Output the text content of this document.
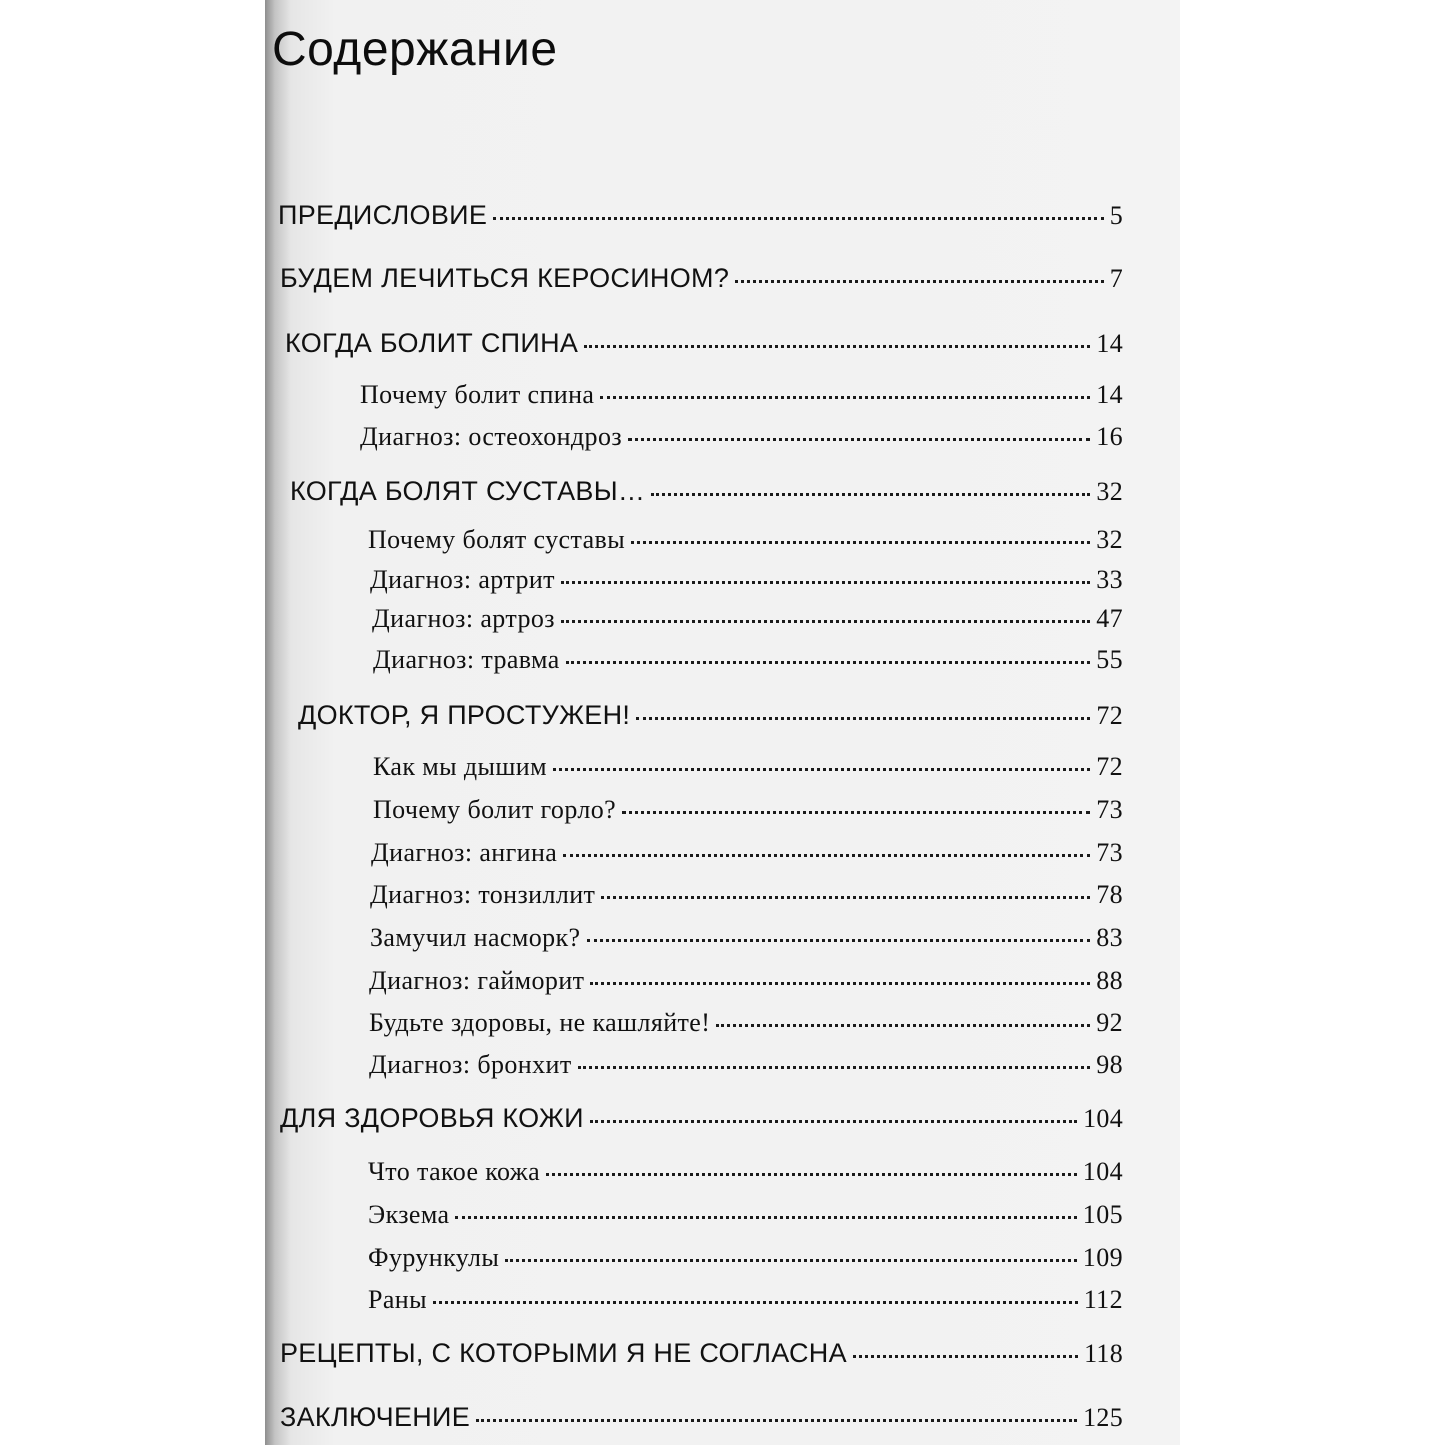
Содержание
ПРЕДИСЛОВИЕ	5
БУДЕМ ЛЕЧИТЬСЯ КЕРОСИНОМ?	7
КОГДА БОЛИТ СПИНА	14
Почему болит спина	14
Диагноз: остеохондроз	16
КОГДА БОЛЯТ СУСТАВЫ…	32
Почему болят суставы	32
Диагноз: артрит	33
Диагноз: артроз	47
Диагноз: травма	55
ДОКТОР, Я ПРОСТУЖЕН!	72
Как мы дышим	72
Почему болит горло?	73
Диагноз: ангина	73
Диагноз: тонзиллит	78
Замучил насморк?	83
Диагноз: гайморит	88
Будьте здоровы, не кашляйте!	92
Диагноз: бронхит	98
ДЛЯ ЗДОРОВЬЯ КОЖИ	104
Что такое кожа	104
Экзема	105
Фурункулы	109
Раны	112
РЕЦЕПТЫ, С КОТОРЫМИ Я НЕ СОГЛАСНА	118
ЗАКЛЮЧЕНИЕ	125
